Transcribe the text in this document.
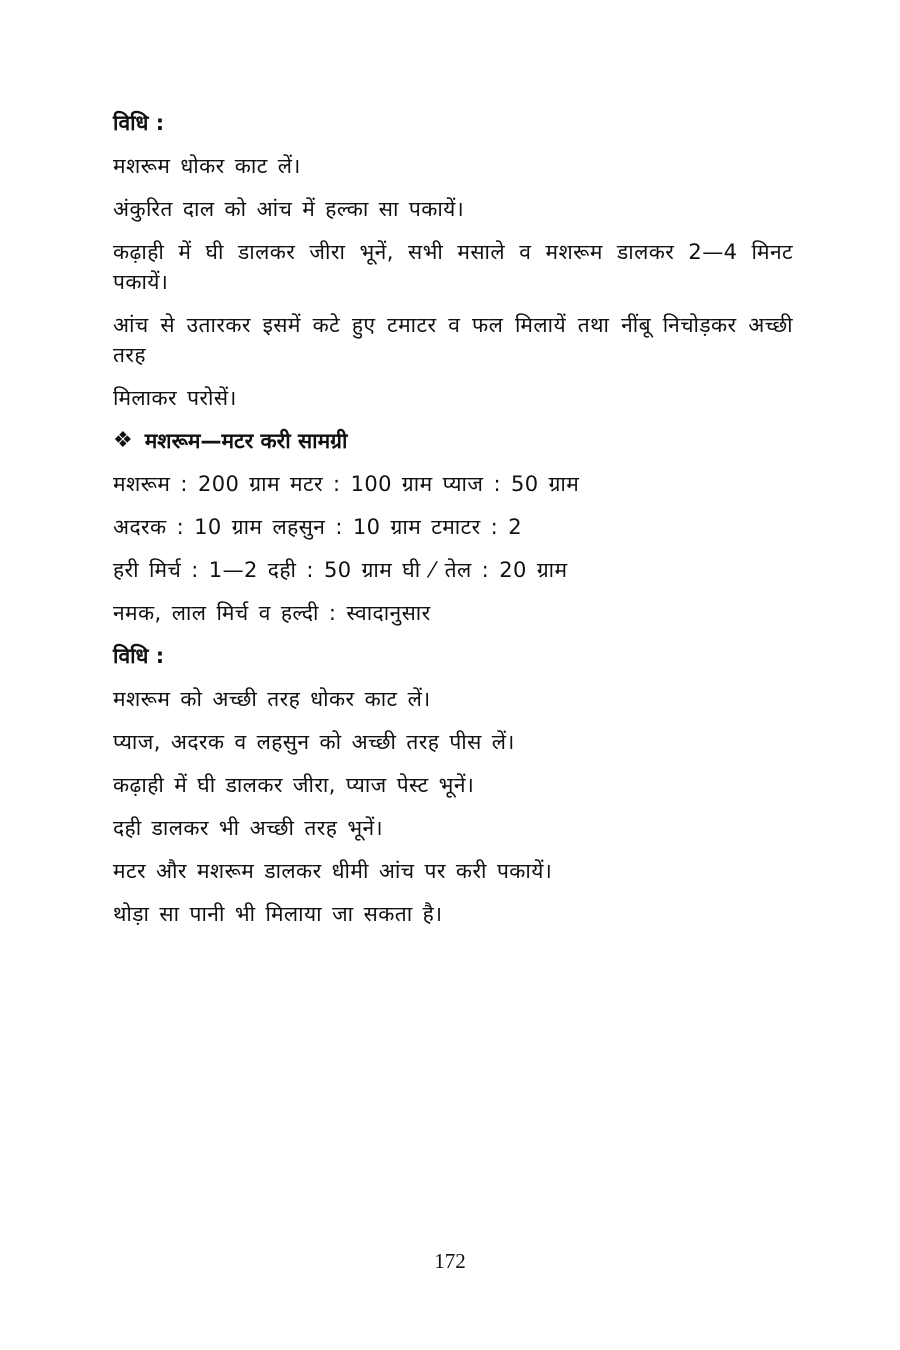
विधि :
मशरूम धोकर काट लें।
अंकुरित दाल को आंच में हल्का सा पकायें।
कढ़ाही में घी डालकर जीरा भूनें, सभी मसाले व मशरूम डालकर 2—4 मिनट पकायें।
आंच से उतारकर इसमें कटे हुए टमाटर व फल मिलायें तथा नींबू निचोड़कर अच्छी तरह
मिलाकर परोसें।
❖ मशरूम—मटर करी सामग्री
मशरूम : 200 ग्राम मटर : 100 ग्राम प्याज : 50 ग्राम
अदरक : 10 ग्राम लहसुन : 10 ग्राम टमाटर : 2
हरी मिर्च : 1—2 दही : 50 ग्राम घी ⁄ तेल : 20 ग्राम
नमक, लाल मिर्च व हल्दी : स्वादानुसार
विधि :
मशरूम को अच्छी तरह धोकर काट लें।
प्याज, अदरक व लहसुन को अच्छी तरह पीस लें।
कढ़ाही में घी डालकर जीरा, प्याज पेस्ट भूनें।
दही डालकर भी अच्छी तरह भूनें।
मटर और मशरूम डालकर धीमी आंच पर करी पकायें।
थोड़ा सा पानी भी मिलाया जा सकता है।
172
